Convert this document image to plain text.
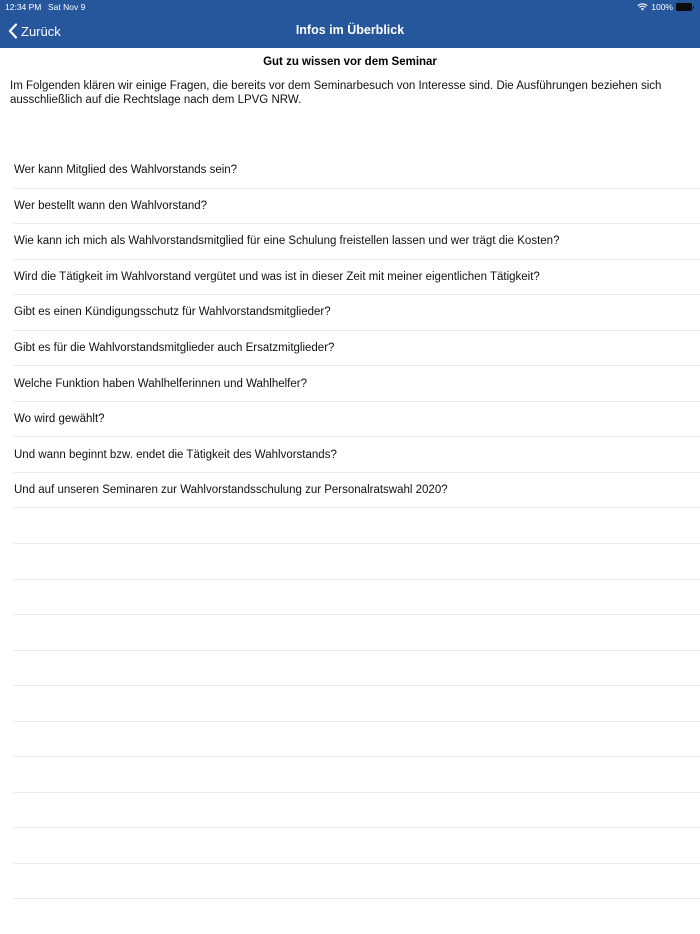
12:34 PM Sat Nov 9	100%
Zurück	Infos im Überblick
Gut zu wissen vor dem Seminar
Im Folgenden klären wir einige Fragen, die bereits vor dem Seminarbesuch von Interesse sind. Die Ausführungen beziehen sich ausschließlich auf die Rechtslage nach dem LPVG NRW.
Wer kann Mitglied des Wahlvorstands sein?
Wer bestellt wann den Wahlvorstand?
Wie kann ich mich als Wahlvorstandsmitglied für eine Schulung freistellen lassen und wer trägt die Kosten?
Wird die Tätigkeit im Wahlvorstand vergütet und was ist in dieser Zeit mit meiner eigentlichen Tätigkeit?
Gibt es einen Kündigungsschutz für Wahlvorstandsmitglieder?
Gibt es für die Wahlvorstandsmitglieder auch Ersatzmitglieder?
Welche Funktion haben Wahlhelferinnen und Wahlhelfer?
Wo wird gewählt?
Und wann beginnt bzw. endet die Tätigkeit des Wahlvorstands?
Und auf unseren Seminaren zur Wahlvorstandsschulung zur Personalratswahl 2020?
